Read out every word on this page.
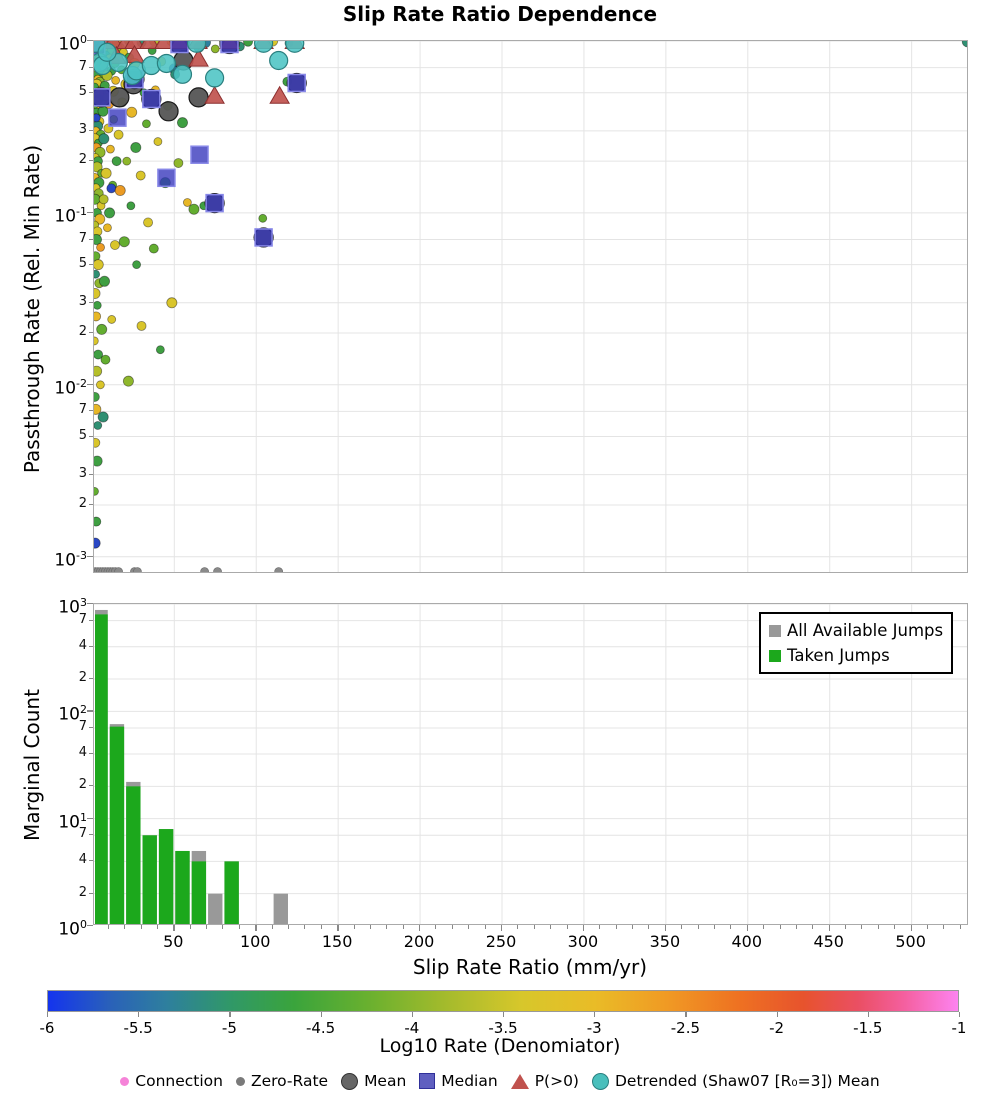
Slip Rate Ratio Dependence
Passthrough Rate (Rel. Min Rate)
Marginal Count
$10^0$
$10^{-1}$
$10^{-2}$
$10^{-3}$
7
5
3
2
7
5
3
2
7
5
3
2
$10^3$
$10^2$
$10^1$
$10^0$
7
4
2
7
4
2
7
4
2
50	100	150	200	250	300	350	400	450	500
-6	-5.5	-5	-4.5	-4	-3.5	-3	-2.5	-2	-1.5	-1
All Available Jumps
Taken Jumps
Slip Rate Ratio (mm/yr)
Log10 Rate (Denomiator)
Connection Zero-Rate Mean Median P(>0) Detrended (Shaw07 [R₀=3]) Mean
